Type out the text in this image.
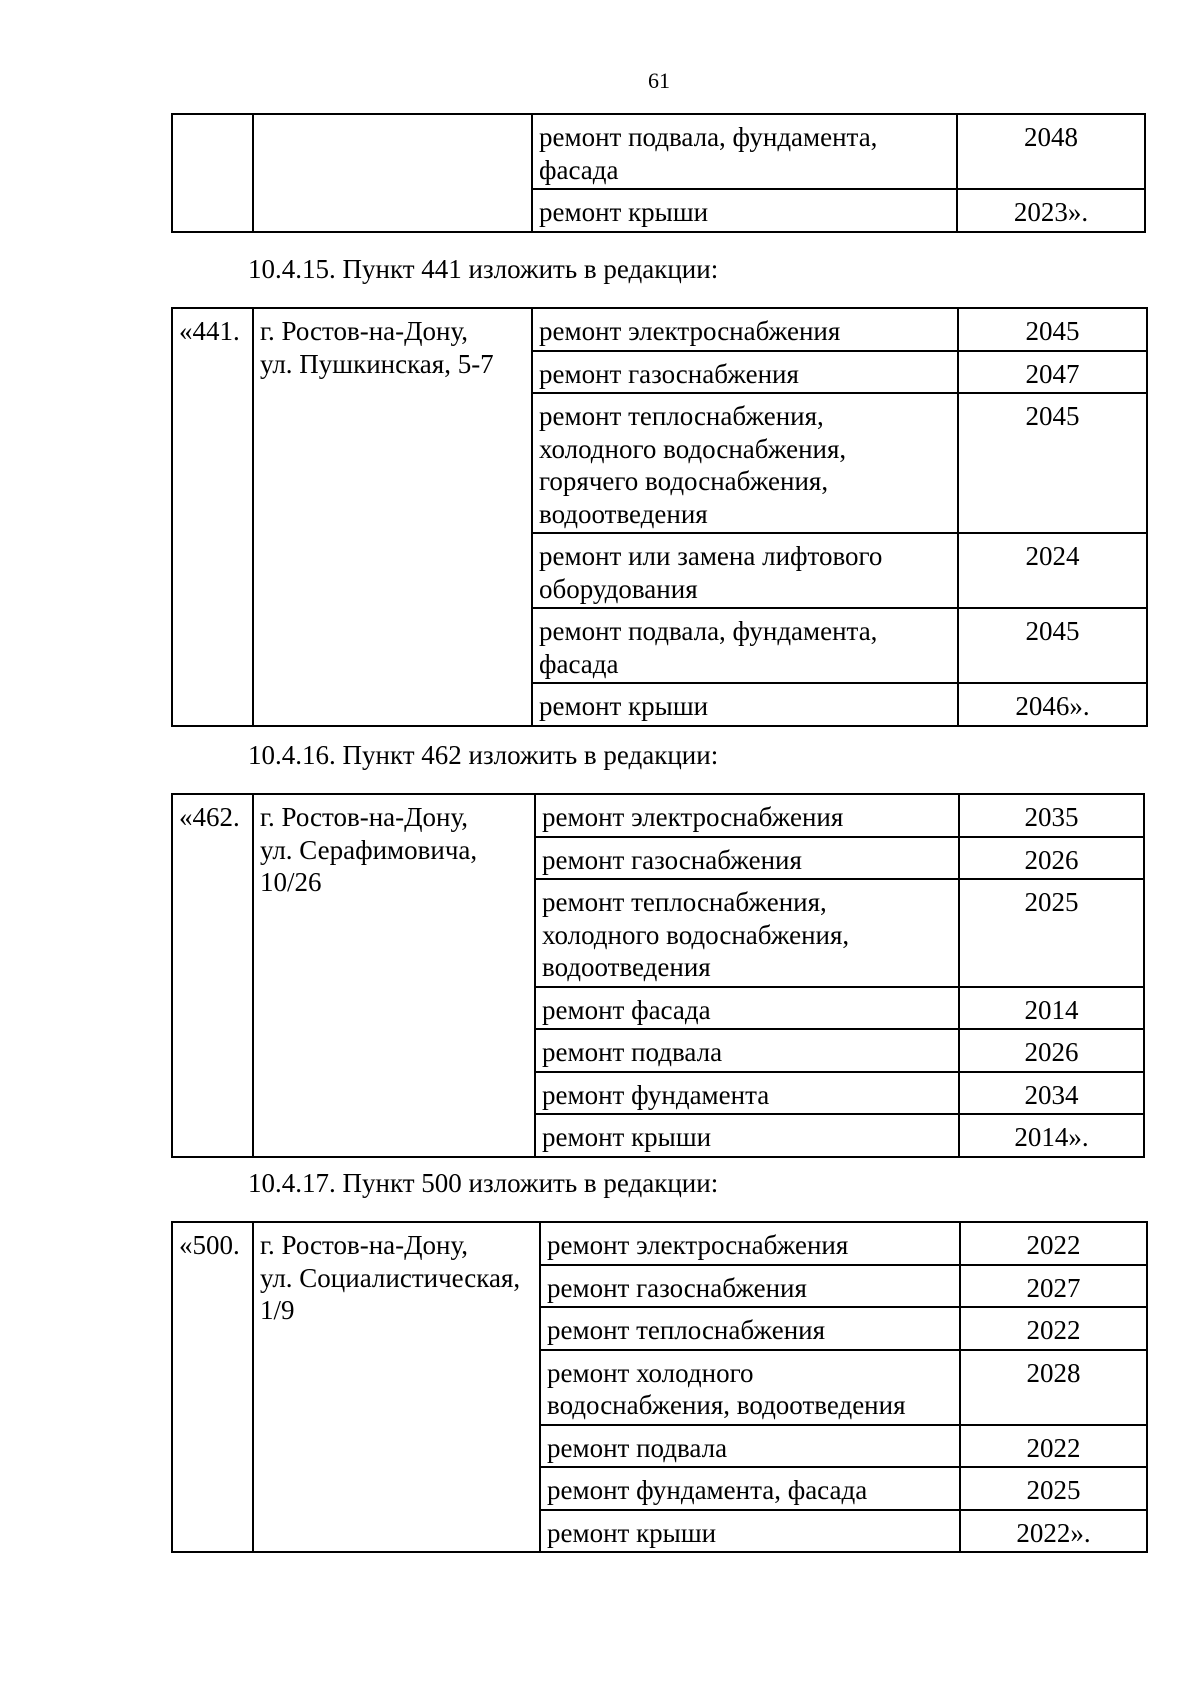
61

		ремонт подвала, фундамента,
фасада	2048

		ремонт крыши	2023».
10.4.15. Пункт 441 изложить в редакции:
«441.	г. Ростов-на-Дону,
ул. Пушкинская, 5-7	ремонт электроснабжения	2045

		ремонт газоснабжения	2047

		ремонт теплоснабжения,
холодного водоснабжения,
горячего водоснабжения,
водоотведения	2045

		ремонт или замена лифтового
оборудования	2024

		ремонт подвала, фундамента,
фасада	2045

		ремонт крыши	2046».
10.4.16. Пункт 462 изложить в редакции:
«462.	г. Ростов-на-Дону,
ул. Серафимовича,
10/26	ремонт электроснабжения	2035

		ремонт газоснабжения	2026

		ремонт теплоснабжения,
холодного водоснабжения,
водоотведения	2025

		ремонт фасада	2014

		ремонт подвала	2026

		ремонт фундамента	2034

		ремонт крыши	2014».
10.4.17. Пункт 500 изложить в редакции:
«500.	г. Ростов-на-Дону,
ул. Социалистическая,
1/9	ремонт электроснабжения	2022

		ремонт газоснабжения	2027

		ремонт теплоснабжения	2022

		ремонт холодного
водоснабжения, водоотведения	2028

		ремонт подвала	2022

		ремонт фундамента, фасада	2025

		ремонт крыши	2022».
